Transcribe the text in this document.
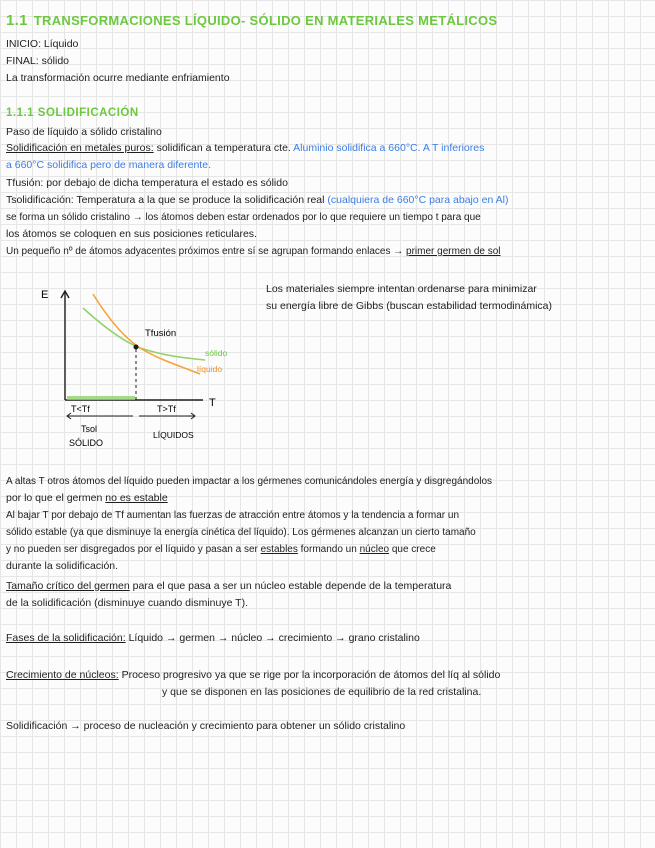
1.1 TRANSFORMACIONES LÍQUIDO- SÓLIDO EN MATERIALES METÁLICOS
INICIO: Líquido
FINAL: sólido
La transformación ocurre mediante enfriamiento
1.1.1 SOLIDIFICACIÓN
Paso de líquido a sólido cristalino
Solidificación en metales puros: solidifican a temperatura cte. Aluminio solidifica a 660°C. A T inferiores
a 660°C solidifica pero de manera diferente.
Tfusión: por debajo de dicha temperatura el estado es sólido
Tsolidificación: Temperatura a la que se produce la solidificación real (cualquiera de 660°C para abajo en Al)
se forma un sólido cristalino → los átomos deben estar ordenados por lo que requiere un tiempo t para que
los átomos se coloquen en sus posiciones reticulares.
Un pequeño nº de átomos adyacentes próximos entre sí se agrupan formando enlaces → primer germen de sol
Los materiales siempre intentan ordenarse para minimizar
su energía libre de Gibbs (buscan estabilidad termodinámica)
E
T
Tfusión
sólido
líquido
T<Tf	T>Tf
Tsol
SÓLIDO
LÍQUIDOS
A altas T otros átomos del líquido pueden impactar a los gérmenes comunicándoles energía y disgregándolos
por lo que el germen no es estable
Al bajar T por debajo de Tf aumentan las fuerzas de atracción entre átomos y la tendencia a formar un
sólido estable (ya que disminuye la energía cinética del líquido). Los gérmenes alcanzan un cierto tamaño
y no pueden ser disgregados por el líquido y pasan a ser estables formando un núcleo que crece
durante la solidificación.
Tamaño crítico del germen para el que pasa a ser un núcleo estable depende de la temperatura
de la solidificación (disminuye cuando disminuye T).
Fases de la solidificación: Líquido → germen → núcleo → crecimiento → grano cristalino
Crecimiento de núcleos: Proceso progresivo ya que se rige por la incorporación de átomos del líq al sólido
y que se disponen en las posiciones de equilibrio de la red cristalina.
Solidificación → proceso de nucleación y crecimiento para obtener un sólido cristalino
